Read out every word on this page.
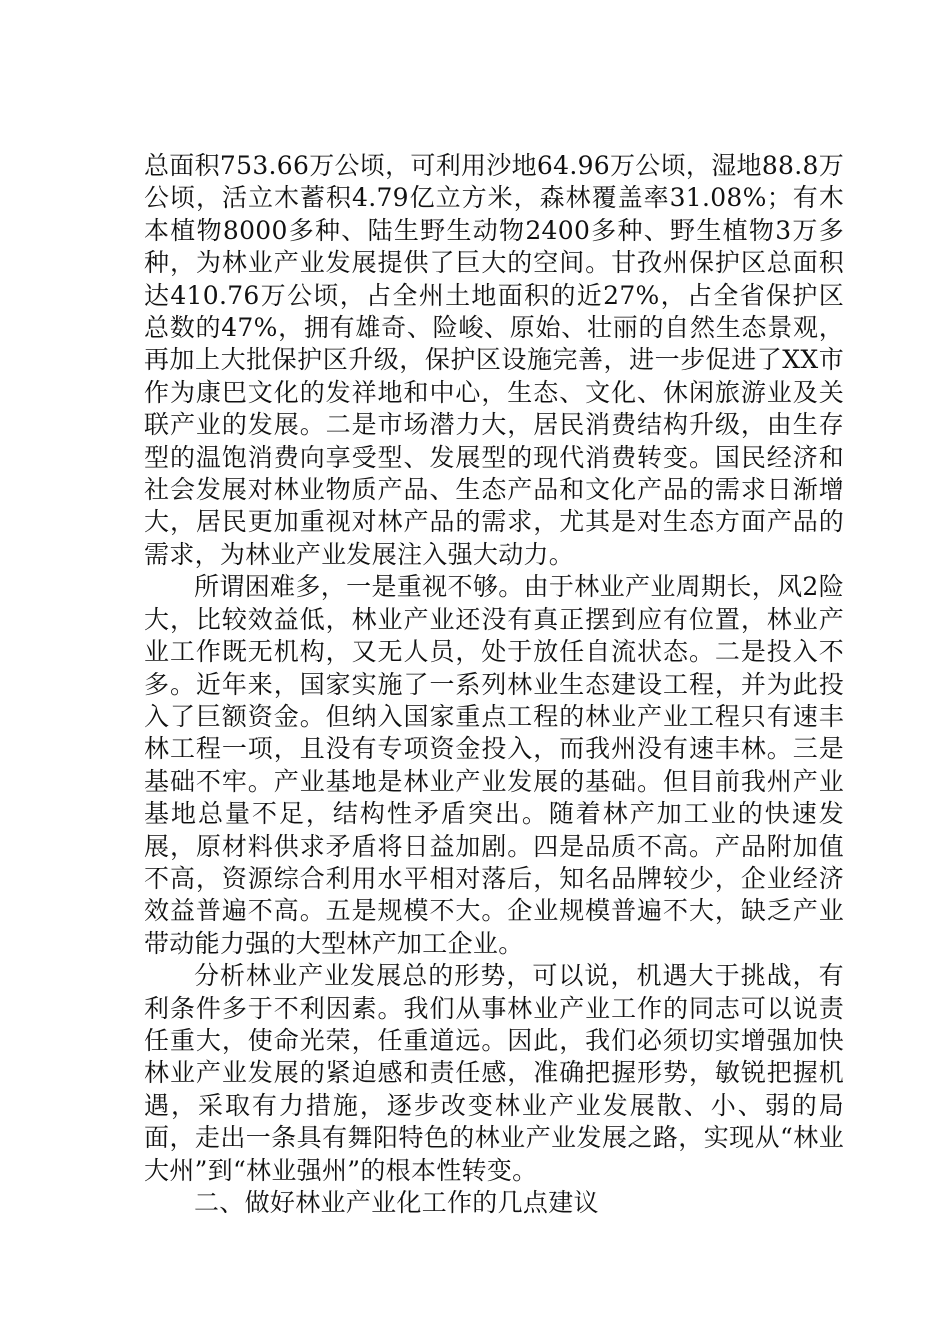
总面积753.66万公顷，可利用沙地64.96万公顷，湿地88.8万公顷，活立木蓄积4.79亿立方米，森林覆盖率31.08%；有木本植物8000多种、陆生野生动物2400多种、野生植物3万多种，为林业产业发展提供了巨大的空间。甘孜州保护区总面积达410.76万公顷，占全州土地面积的近27%，占全省保护区总数的47%，拥有雄奇、险峻、原始、壮丽的自然生态景观，再加上大批保护区升级，保护区设施完善，进一步促进了XX市作为康巴文化的发祥地和中心，生态、文化、休闲旅游业及关联产业的发展。二是市场潜力大，居民消费结构升级，由生存型的温饱消费向享受型、发展型的现代消费转变。国民经济和社会发展对林业物质产品、生态产品和文化产品的需求日渐增大，居民更加重视对林产品的需求，尤其是对生态方面产品的需求，为林业产业发展注入强大动力。

所谓困难多，一是重视不够。由于林业产业周期长，风2险大，比较效益低，林业产业还没有真正摆到应有位置，林业产业工作既无机构，又无人员，处于放任自流状态。二是投入不多。近年来，国家实施了一系列林业生态建设工程，并为此投入了巨额资金。但纳入国家重点工程的林业产业工程只有速丰林工程一项，且没有专项资金投入，而我州没有速丰林。三是基础不牢。产业基地是林业产业发展的基础。但目前我州产业基地总量不足，结构性矛盾突出。随着林产加工业的快速发展，原材料供求矛盾将日益加剧。四是品质不高。产品附加值不高，资源综合利用水平相对落后，知名品牌较少，企业经济效益普遍不高。五是规模不大。企业规模普遍不大，缺乏产业带动能力强的大型林产加工企业。

分析林业产业发展总的形势，可以说，机遇大于挑战，有利条件多于不利因素。我们从事林业产业工作的同志可以说责任重大，使命光荣，任重道远。因此，我们必须切实增强加快林业产业发展的紧迫感和责任感，准确把握形势，敏锐把握机遇，采取有力措施，逐步改变林业产业发展散、小、弱的局面，走出一条具有舞阳特色的林业产业发展之路，实现从“林业大州”到“林业强州”的根本性转变。

二、做好林业产业化工作的几点建议
